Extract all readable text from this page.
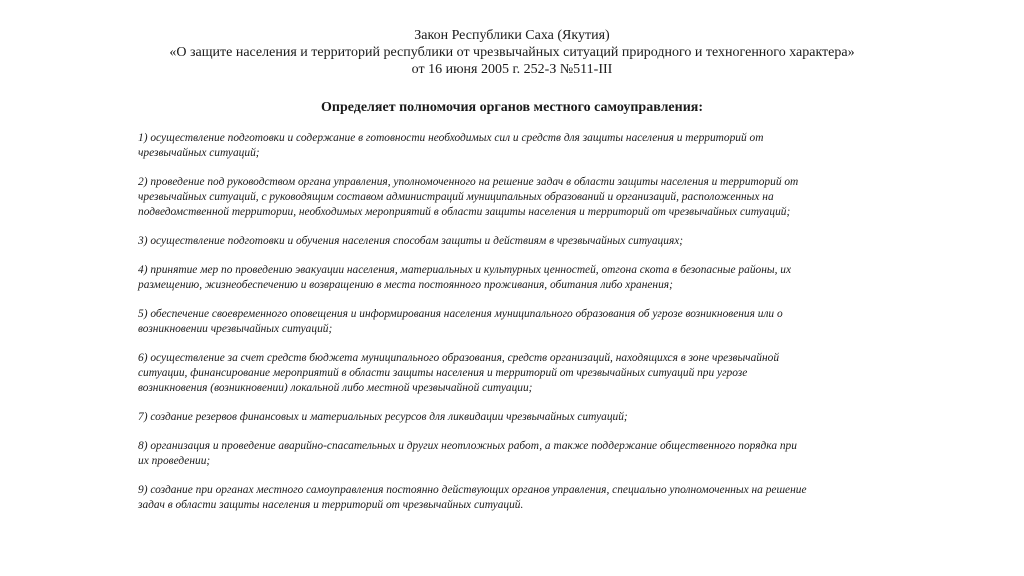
Закон Республики Саха (Якутия)
«О защите населения и территорий республики от чрезвычайных ситуаций природного и техногенного характера»
от 16 июня 2005 г. 252-З №511-III
Определяет полномочия органов местного самоуправления:

1) осуществление подготовки и содержание в готовности необходимых сил и средств для защиты населения и территорий от
чрезвычайных ситуаций;

2) проведение под руководством органа управления, уполномоченного на решение задач в области защиты населения и территорий от
чрезвычайных ситуаций, с руководящим составом администраций муниципальных образований и организаций, расположенных на
подведомственной территории, необходимых мероприятий в области защиты населения и территорий от чрезвычайных ситуаций;

3) осуществление подготовки и обучения населения способам защиты и действиям в чрезвычайных ситуациях;

4) принятие мер по проведению эвакуации населения, материальных и культурных ценностей, отгона скота в безопасные районы, их
размещению, жизнеобеспечению и возвращению в места постоянного проживания, обитания либо хранения;

5) обеспечение своевременного оповещения и информирования населения муниципального образования об угрозе возникновения или о
возникновении чрезвычайных ситуаций;

6) осуществление за счет средств бюджета муниципального образования, средств организаций, находящихся в зоне чрезвычайной
ситуации, финансирование мероприятий в области защиты населения и территорий от чрезвычайных ситуаций при угрозе
возникновения (возникновении) локальной либо местной чрезвычайной ситуации;

7) создание резервов финансовых и материальных ресурсов для ликвидации чрезвычайных ситуаций;

8) организация и проведение аварийно-спасательных и других неотложных работ, а также поддержание общественного порядка при
их проведении;

9) создание при органах местного самоуправления постоянно действующих органов управления, специально уполномоченных на решение
задач в области защиты населения и территорий от чрезвычайных ситуаций.
